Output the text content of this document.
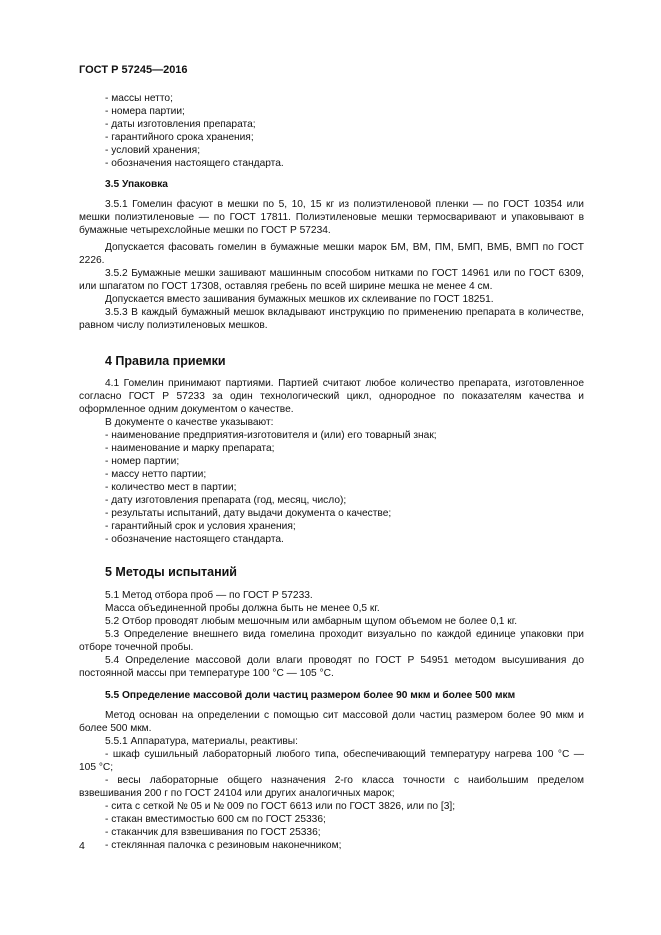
ГОСТ Р 57245—2016

- массы нетто;

- номера партии;

- даты изготовления препарата;

- гарантийного срока хранения;

- условий хранения;

- обозначения настоящего стандарта.

3.5 Упаковка

3.5.1 Гомелин фасуют в мешки по 5, 10, 15 кг из полиэтиленовой пленки — по ГОСТ 10354 или мешки полиэтиленовые — по ГОСТ 17811. Полиэтиленовые мешки термосваривают и упаковывают в бумажные четырехслойные мешки по ГОСТ Р 57234.

Допускается фасовать гомелин в бумажные мешки марок БМ, ВМ, ПМ, БМП, ВМБ, ВМП по ГОСТ 2226.

3.5.2 Бумажные мешки зашивают машинным способом нитками по ГОСТ 14961 или по ГОСТ 6309, или шпагатом по ГОСТ 17308, оставляя гребень по всей ширине мешка не менее 4 см.

Допускается вместо зашивания бумажных мешков их склеивание по ГОСТ 18251.

3.5.3 В каждый бумажный мешок вкладывают инструкцию по применению препарата в количестве, равном числу полиэтиленовых мешков.

4 Правила приемки

4.1 Гомелин принимают партиями. Партией считают любое количество препарата, изготовленное согласно ГОСТ Р 57233 за один технологический цикл, однородное по показателям качества и оформленное одним документом о качестве.

В документе о качестве указывают:

- наименование предприятия-изготовителя и (или) его товарный знак;

- наименование и марку препарата;

- номер партии;

- массу нетто партии;

- количество мест в партии;

- дату изготовления препарата (год, месяц, число);

- результаты испытаний, дату выдачи документа о качестве;

- гарантийный срок и условия хранения;

- обозначение настоящего стандарта.

5 Методы испытаний

5.1 Метод отбора проб — по ГОСТ Р 57233.

Масса объединенной пробы должна быть не менее 0,5 кг.

5.2 Отбор проводят любым мешочным или амбарным щупом объемом не более 0,1 кг.

5.3 Определение внешнего вида гомелина проходит визуально по каждой единице упаковки при отборе точечной пробы.

5.4 Определение массовой доли влаги проводят по ГОСТ Р 54951 методом высушивания до постоянной массы при температуре 100 °С — 105 °С.

5.5 Определение массовой доли частиц размером более 90 мкм и более 500 мкм

Метод основан на определении с помощью сит массовой доли частиц размером более 90 мкм и более 500 мкм.

5.5.1 Аппаратура, материалы, реактивы:

- шкаф сушильный лабораторный любого типа, обеспечивающий температуру нагрева 100 °С — 105 °С;

- весы лабораторные общего назначения 2-го класса точности с наибольшим пределом взвешивания 200 г по ГОСТ 24104 или других аналогичных марок;

- сита с сеткой № 05 и № 009 по ГОСТ 6613 или по ГОСТ 3826, или по [3];

- стакан вместимостью 600 см по ГОСТ 25336;

- стаканчик для взвешивания по ГОСТ 25336;

- стеклянная палочка с резиновым наконечником;

4
